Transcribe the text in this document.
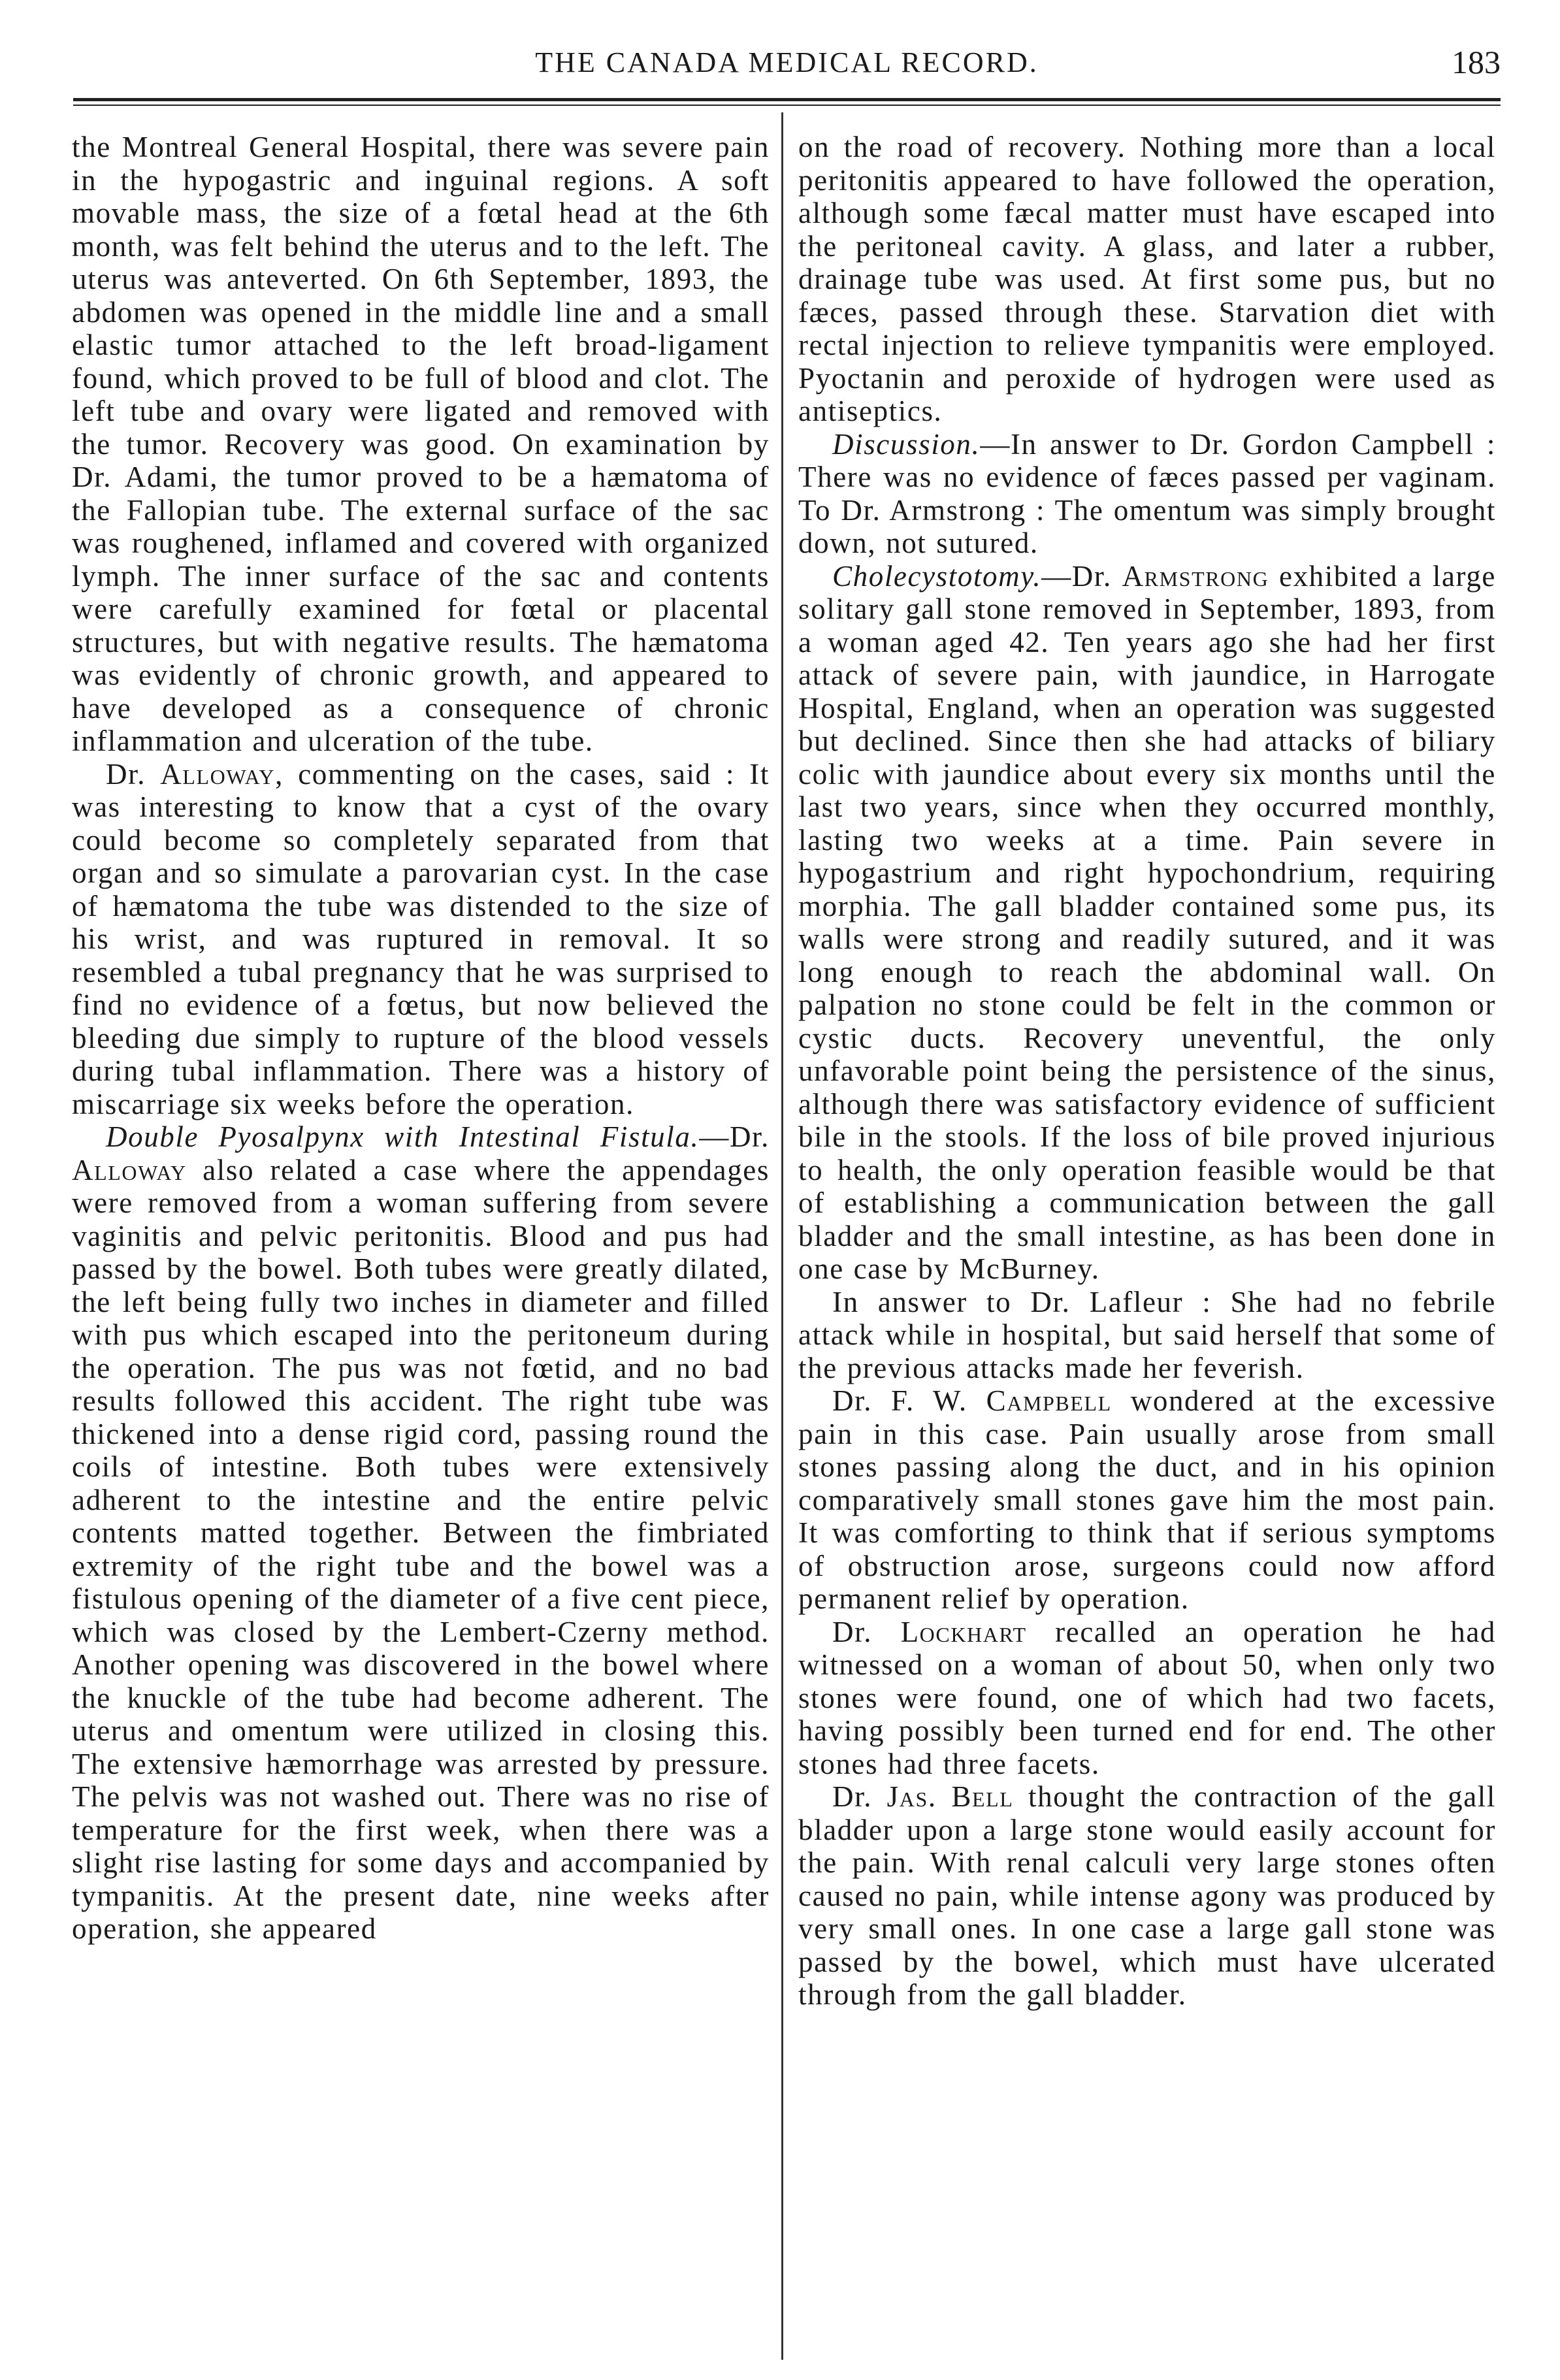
THE CANADA MEDICAL RECORD.	183

the Montreal General Hospital, there was severe pain in the hypogastric and inguinal regions. A soft movable mass, the size of a fœtal head at the 6th month, was felt behind the uterus and to the left. The uterus was anteverted. On 6th September, 1893, the abdomen was opened in the middle line and a small elastic tumor attached to the left broad-ligament found, which proved to be full of blood and clot. The left tube and ovary were ligated and removed with the tumor. Recovery was good. On examination by Dr. Adami, the tumor proved to be a hæmatoma of the Fallopian tube. The external surface of the sac was roughened, inflamed and covered with organized lymph. The inner surface of the sac and contents were carefully examined for fœtal or placental structures, but with negative results. The hæmatoma was evidently of chronic growth, and appeared to have developed as a consequence of chronic inflammation and ulceration of the tube.

Dr. Alloway, commenting on the cases, said : It was interesting to know that a cyst of the ovary could become so completely separated from that organ and so simulate a parovarian cyst. In the case of hæmatoma the tube was distended to the size of his wrist, and was ruptured in removal. It so resembled a tubal pregnancy that he was surprised to find no evidence of a fœtus, but now believed the bleeding due simply to rupture of the blood vessels during tubal inflammation. There was a history of miscarriage six weeks before the operation.

Double Pyosalpynx with Intestinal Fistula.—Dr. Alloway also related a case where the appendages were removed from a woman suffering from severe vaginitis and pelvic peritonitis. Blood and pus had passed by the bowel. Both tubes were greatly dilated, the left being fully two inches in diameter and filled with pus which escaped into the peritoneum during the operation. The pus was not fœtid, and no bad results followed this accident. The right tube was thickened into a dense rigid cord, passing round the coils of intestine. Both tubes were extensively adherent to the intestine and the entire pelvic contents matted together. Between the fimbriated extremity of the right tube and the bowel was a fistulous opening of the diameter of a five cent piece, which was closed by the Lembert-Czerny method. Another opening was discovered in the bowel where the knuckle of the tube had become adherent. The uterus and omentum were utilized in closing this. The extensive hæmorrhage was arrested by pressure. The pelvis was not washed out. There was no rise of temperature for the first week, when there was a slight rise lasting for some days and accompanied by tympanitis. At the present date, nine weeks after operation, she appeared

on the road of recovery. Nothing more than a local peritonitis appeared to have followed the operation, although some fæcal matter must have escaped into the peritoneal cavity. A glass, and later a rubber, drainage tube was used. At first some pus, but no fæces, passed through these. Starvation diet with rectal injection to relieve tympanitis were employed. Pyoctanin and peroxide of hydrogen were used as antiseptics.

Discussion.—In answer to Dr. Gordon Campbell : There was no evidence of fæces passed per vaginam. To Dr. Armstrong : The omentum was simply brought down, not sutured.

Cholecystotomy.—Dr. Armstrong exhibited a large solitary gall stone removed in September, 1893, from a woman aged 42. Ten years ago she had her first attack of severe pain, with jaundice, in Harrogate Hospital, England, when an operation was suggested but declined. Since then she had attacks of biliary colic with jaundice about every six months until the last two years, since when they occurred monthly, lasting two weeks at a time. Pain severe in hypogastrium and right hypochondrium, requiring morphia. The gall bladder contained some pus, its walls were strong and readily sutured, and it was long enough to reach the abdominal wall. On palpation no stone could be felt in the common or cystic ducts. Recovery uneventful, the only unfavorable point being the persistence of the sinus, although there was satisfactory evidence of sufficient bile in the stools. If the loss of bile proved injurious to health, the only operation feasible would be that of establishing a communication between the gall bladder and the small intestine, as has been done in one case by McBurney.

In answer to Dr. Lafleur : She had no febrile attack while in hospital, but said herself that some of the previous attacks made her feverish.

Dr. F. W. Campbell wondered at the excessive pain in this case. Pain usually arose from small stones passing along the duct, and in his opinion comparatively small stones gave him the most pain. It was comforting to think that if serious symptoms of obstruction arose, surgeons could now afford permanent relief by operation.

Dr. Lockhart recalled an operation he had witnessed on a woman of about 50, when only two stones were found, one of which had two facets, having possibly been turned end for end. The other stones had three facets.

Dr. Jas. Bell thought the contraction of the gall bladder upon a large stone would easily account for the pain. With renal calculi very large stones often caused no pain, while intense agony was produced by very small ones. In one case a large gall stone was passed by the bowel, which must have ulcerated through from the gall bladder.
